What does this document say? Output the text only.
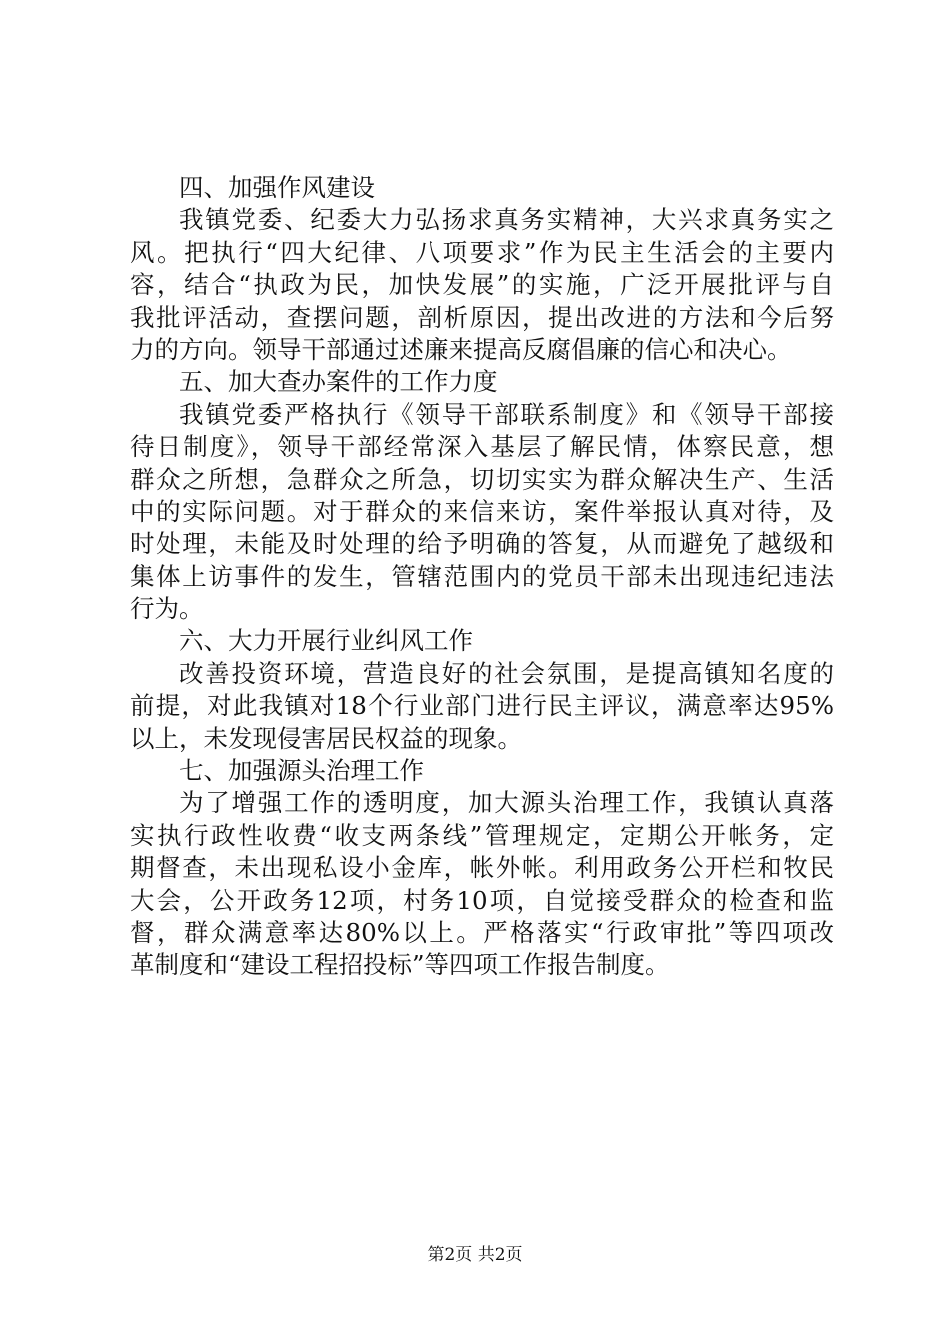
四、加强作风建设
我镇党委、纪委大力弘扬求真务实精神，大兴求真务实之
风。把执行“四大纪律、八项要求”作为民主生活会的主要内
容，结合“执政为民，加快发展”的实施，广泛开展批评与自
我批评活动，查摆问题，剖析原因，提出改进的方法和今后努
力的方向。领导干部通过述廉来提高反腐倡廉的信心和决心。
五、加大查办案件的工作力度
我镇党委严格执行《领导干部联系制度》和《领导干部接
待日制度》，领导干部经常深入基层了解民情，体察民意，想
群众之所想，急群众之所急，切切实实为群众解决生产、生活
中的实际问题。对于群众的来信来访，案件举报认真对待，及
时处理，未能及时处理的给予明确的答复，从而避免了越级和
集体上访事件的发生，管辖范围内的党员干部未出现违纪违法
行为。
六、大力开展行业纠风工作
改善投资环境，营造良好的社会氛围，是提高镇知名度的
前提，对此我镇对18个行业部门进行民主评议，满意率达95%
以上，未发现侵害居民权益的现象。
七、加强源头治理工作
为了增强工作的透明度，加大源头治理工作，我镇认真落
实执行政性收费“收支两条线”管理规定，定期公开帐务，定
期督查，未出现私设小金库，帐外帐。利用政务公开栏和牧民
大会，公开政务12项，村务10项，自觉接受群众的检查和监
督，群众满意率达80%以上。严格落实“行政审批”等四项改
革制度和“建设工程招投标”等四项工作报告制度。
第2页 共2页
